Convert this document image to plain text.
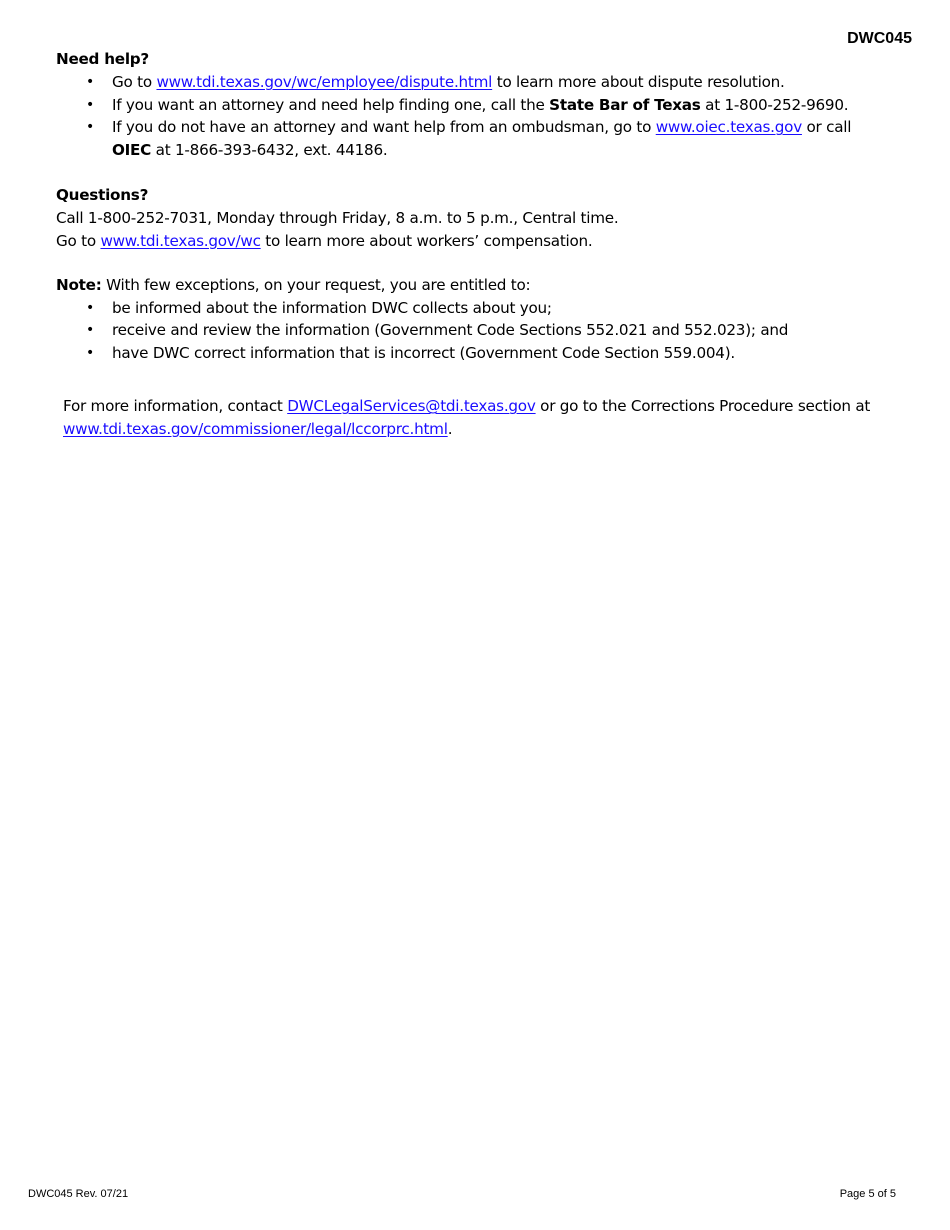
DWC045

Need help?

• Go to www.tdi.texas.gov/wc/employee/dispute.html to learn more about dispute resolution.
• If you want an attorney and need help finding one, call the State Bar of Texas at 1-800-252-9690.
• If you do not have an attorney and want help from an ombudsman, go to www.oiec.texas.gov or call
OIEC at 1-866-393-6432, ext. 44186.

Questions?

Call 1-800-252-7031, Monday through Friday, 8 a.m. to 5 p.m., Central time.

Go to www.tdi.texas.gov/wc to learn more about workers’ compensation.

Note: With few exceptions, on your request, you are entitled to:

• be informed about the information DWC collects about you;
• receive and review the information (Government Code Sections 552.021 and 552.023); and
• have DWC correct information that is incorrect (Government Code Section 559.004).

For more information, contact DWCLegalServices@tdi.texas.gov or go to the Corrections Procedure section at www.tdi.texas.gov/commissioner/legal/lccorprc.html.

DWC045 Rev. 07/21	Page 5 of 5
